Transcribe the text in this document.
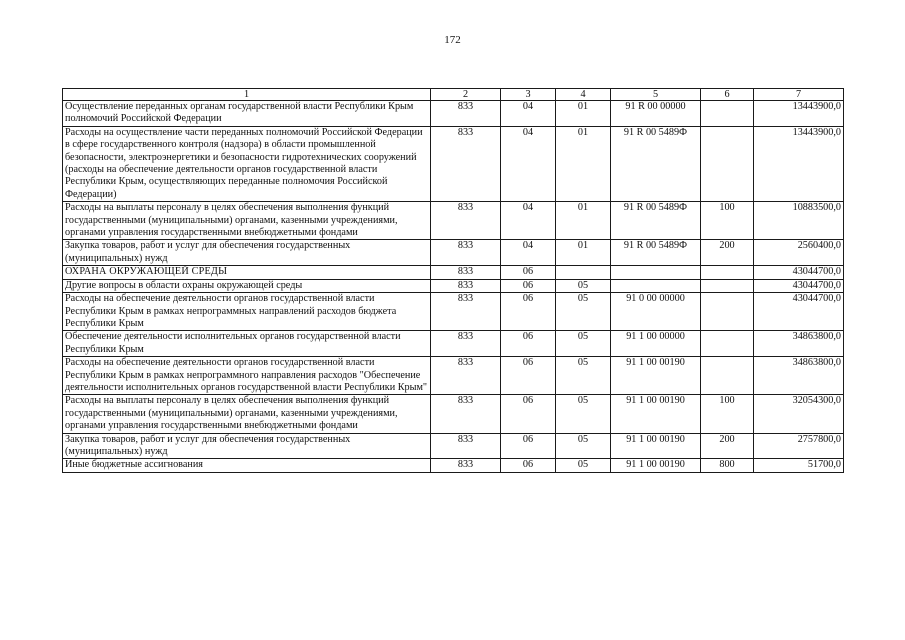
172
1	2	3	4	5	6	7
Осуществление переданных органам государственной власти Республики Крым полномочий Российской Федерации	833	04	01	91 R 00 00000		13443900,0
Расходы на осуществление части переданных полномочий Российской Федерации в сфере государственного контроля (надзора) в области промышленной безопасности, электроэнергетики и безопасности гидротехнических сооружений (расходы на обеспечение деятельности органов государственной власти Республики Крым, осуществляющих переданные полномочия Российской Федерации)	833	04	01	91 R 00 5489Ф		13443900,0
Расходы на выплаты персоналу в целях обеспечения выполнения функций государственными (муниципальными) органами, казенными учреждениями, органами управления государственными внебюджетными фондами	833	04	01	91 R 00 5489Ф	100	10883500,0
Закупка товаров, работ и услуг для обеспечения государственных (муниципальных) нужд	833	04	01	91 R 00 5489Ф	200	2560400,0
ОХРАНА ОКРУЖАЮЩЕЙ СРЕДЫ	833	06				43044700,0
Другие вопросы в области охраны окружающей среды	833	06	05			43044700,0
Расходы на обеспечение деятельности органов государственной власти Республики Крым в рамках непрограммных направлений расходов бюджета Республики Крым	833	06	05	91 0 00 00000		43044700,0
Обеспечение деятельности исполнительных органов государственной власти Республики Крым	833	06	05	91 1 00 00000		34863800,0
Расходы на обеспечение деятельности органов государственной власти Республики Крым в рамках непрограммного направления расходов "Обеспечение деятельности исполнительных органов государственной власти Республики Крым"	833	06	05	91 1 00 00190		34863800,0
Расходы на выплаты персоналу в целях обеспечения выполнения функций государственными (муниципальными) органами, казенными учреждениями, органами управления государственными внебюджетными фондами	833	06	05	91 1 00 00190	100	32054300,0
Закупка товаров, работ и услуг для обеспечения государственных (муниципальных) нужд	833	06	05	91 1 00 00190	200	2757800,0
Иные бюджетные ассигнования	833	06	05	91 1 00 00190	800	51700,0
